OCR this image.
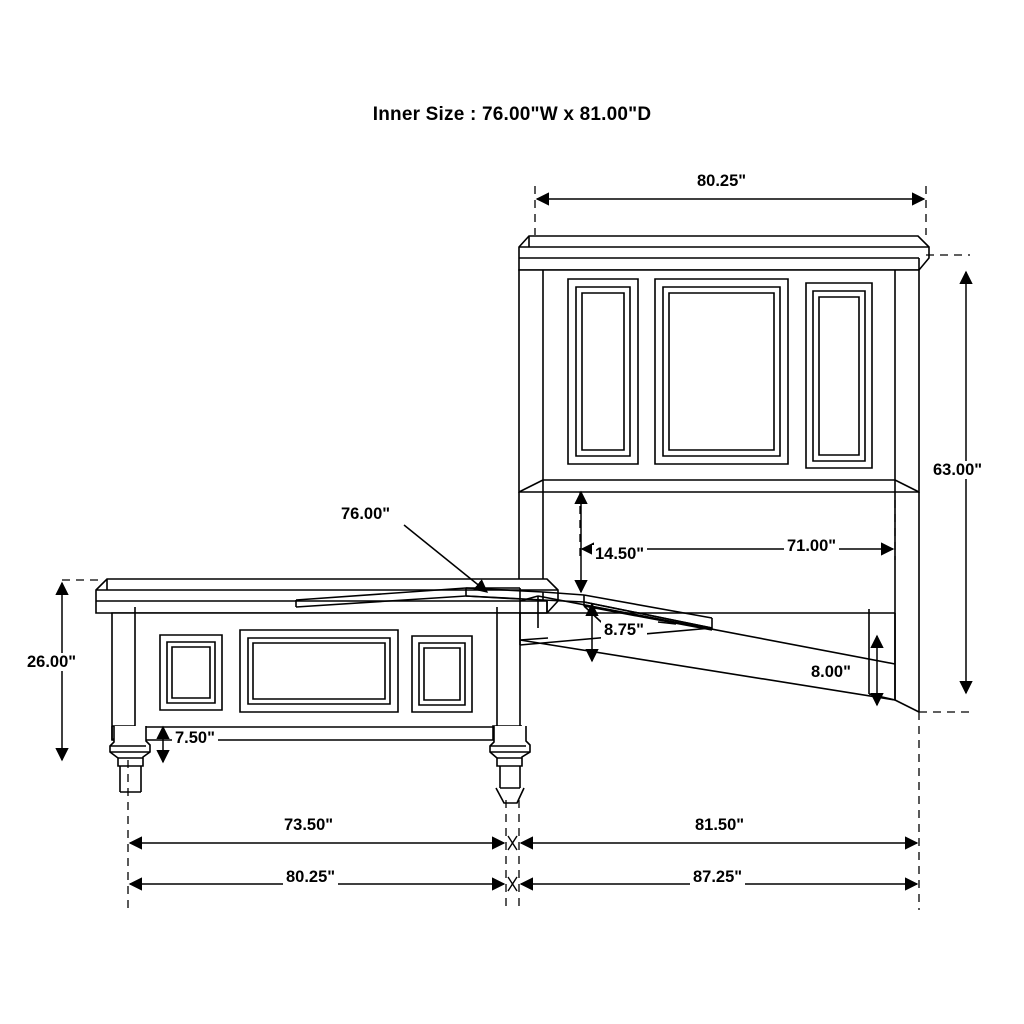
Inner Size : 76.00"W x 81.00"D
80.25"
63.00"
76.00"
71.00"
14.50"
8.75"
8.00"
26.00"
7.50"
73.50"	81.50"
80.25"	87.25"
